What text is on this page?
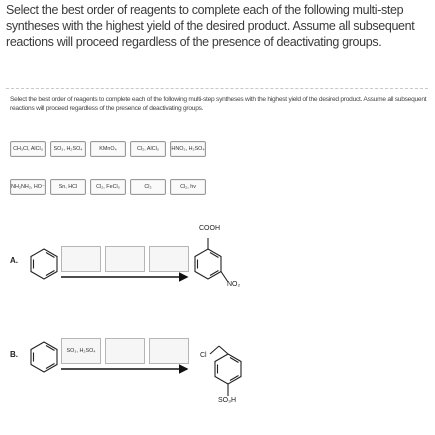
Select the best order of reagents to complete each of the following multi-step syntheses with the highest yield of the desired product. Assume all subsequent reactions will proceed regardless of the presence of deactivating groups.

Select the best order of reagents to complete each of the following multi-step syntheses with the highest yield of the desired product. Assume all subsequent reactions will proceed regardless of the presence of deactivating groups.
CH₃Cl, AlCl₃	SO₃, H₂SO₄	KMnO₄	Cl₂, AlCl₃	HNO₃, H₂SO₄
NH₂NH₂, HO⁻	Sn, HCl	Cl₂, FeCl₃	Cl₂	Cl₂, hv
A.
B.	SO₃, H₂SO₄
COOH
NO₂
Cl
SO₃H
